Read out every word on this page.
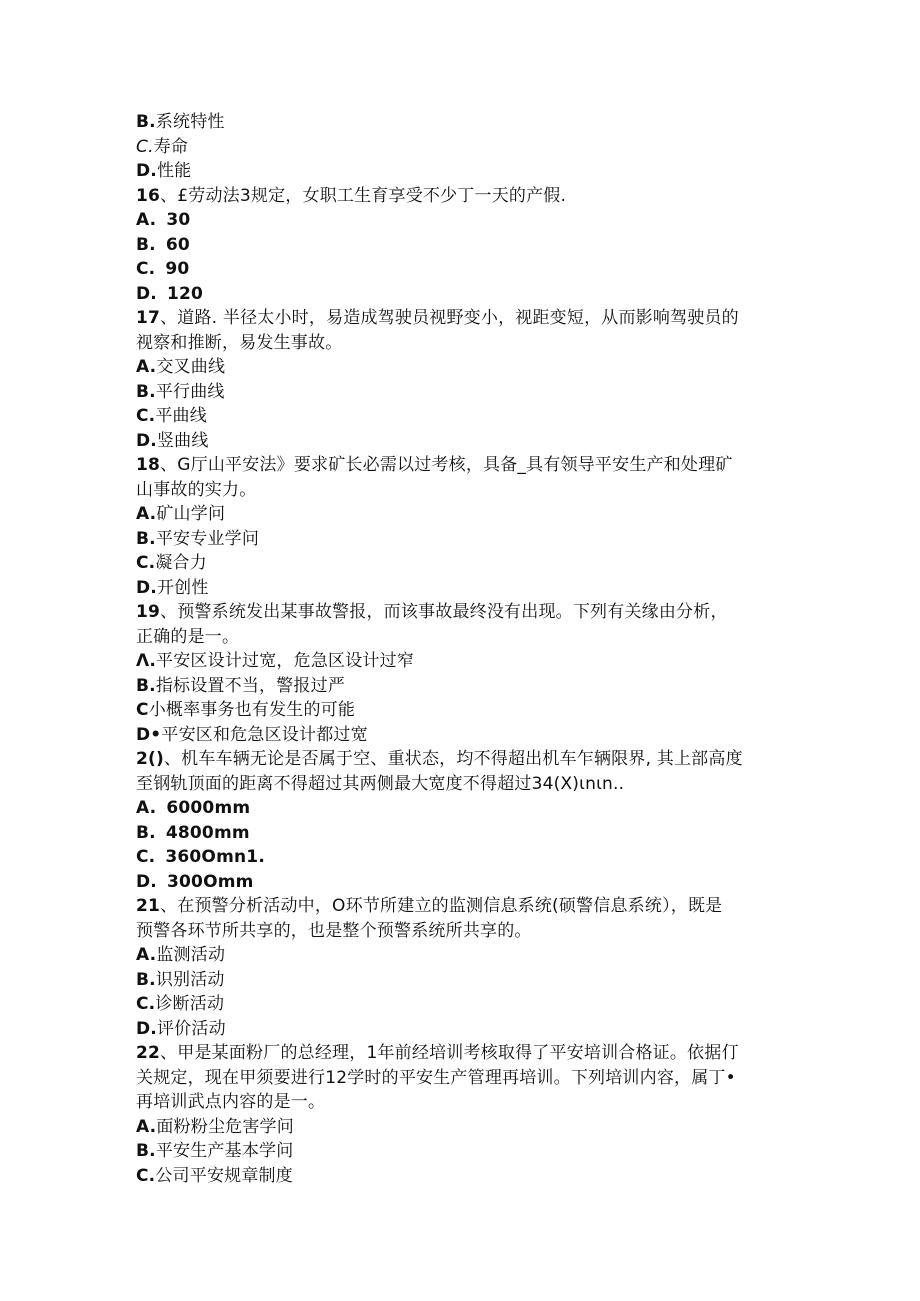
B.系统特性
C.寿命
D.性能
16、£劳动法3规定，女职工生育享受不少丁一天的产假.
A. 30
B. 60
C. 90
D. 120
17、道路. 半径太小时，易造成驾驶员视野变小，视距变短，从而影响驾驶员的
视察和推断，易发生事故。
A.交叉曲线
B.平行曲线
C.平曲线
D.竖曲线
18、G厅山平安法》要求矿长必需以过考核，具备_具有领导平安生产和处理矿
山事故的实力。
A.矿山学问
B.平安专业学问
C.凝合力
D.开创性
19、预警系统发出某事故警报，而该事故最终没有出现。下列有关缘由分析，
正确的是一。
Λ.平安区设计过宽，危急区设计过窄
B.指标设置不当，警报过严
C小概率事务也有发生的可能
D•平安区和危急区设计都过宽
2()、机车车辆无论是否属于空、重状态，均不得超出机车乍辆限界, 其上部高度
至钢轨顶面的距离不得超过其两侧最大宽度不得超过34(X)ιnιn..
A. 6000mm
B. 4800mm
C. 360Omn1.
D. 300Omm
21、在预警分析活动中，O环节所建立的监测信息系统(硕警信息系统），既是
预警各环节所共享的，也是整个预警系统所共享的。
A.监测活动
B.识别活动
C.诊断活动
D.评价活动
22、甲是某面粉厂的总经理，1年前经培训考核取得了平安培训合格证。依据仃
关规定，现在甲须要进行12学时的平安生产管理再培训。下列培训内容，属丁•
再培训武点内容的是一。
A.面粉粉尘危害学问
B.平安生产基本学问
C.公司平安规章制度
